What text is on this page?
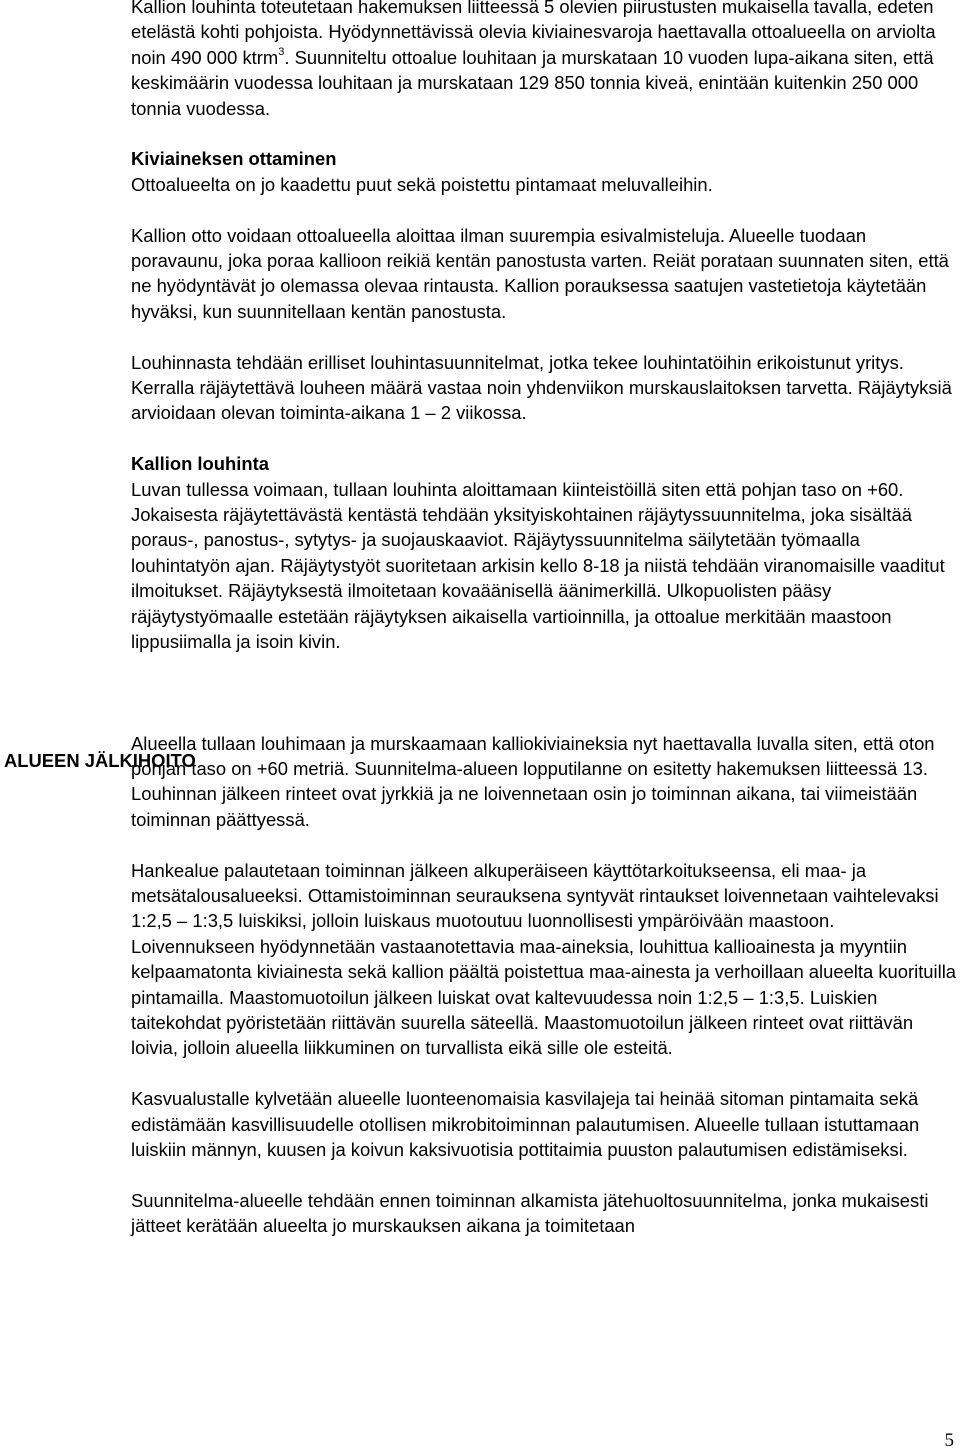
ALUEEN JÄLKIHOITO

Kallion louhinta toteutetaan hakemuksen liitteessä 5 olevien piirustusten mukaisella tavalla, edeten etelästä kohti pohjoista. Hyödynnettävissä olevia kiviainesvaroja haettavalla ottoalueella on arviolta noin 490 000 ktrm$^3$. Suunniteltu ottoalue louhitaan ja murskataan 10 vuoden lupa-aikana siten, että keskimäärin vuodessa louhitaan ja murskataan 129 850 tonnia kiveä, enintään kuitenkin 250 000 tonnia vuodessa.

Kiviaineksen ottaminen

Ottoalueelta on jo kaadettu puut sekä poistettu pintamaat meluvalleihin.

Kallion otto voidaan ottoalueella aloittaa ilman suurempia esivalmisteluja. Alueelle tuodaan poravaunu, joka poraa kallioon reikiä kentän panostusta varten. Reiät porataan suunnaten siten, että ne hyödyntävät jo olemassa olevaa rintausta. Kallion porauksessa saatujen vastetietoja käytetään hyväksi, kun suunnitellaan kentän panostusta.

Louhinnasta tehdään erilliset louhintasuunnitelmat, jotka tekee louhintatöihin erikoistunut yritys. Kerralla räjäytettävä louheen määrä vastaa noin yhdenviikon murskauslaitoksen tarvetta. Räjäytyksiä arvioidaan olevan toiminta-aikana 1 – 2 viikossa.

Kallion louhinta

Luvan tullessa voimaan, tullaan louhinta aloittamaan kiinteistöillä siten että pohjan taso on +60. Jokaisesta räjäytettävästä kentästä tehdään yksityiskohtainen räjäytyssuunnitelma, joka sisältää poraus-, panostus-, sytytys- ja suojauskaaviot. Räjäytyssuunnitelma säilytetään työmaalla louhintatyön ajan. Räjäytystyöt suoritetaan arkisin kello 8-18 ja niistä tehdään viranomaisille vaaditut ilmoitukset. Räjäytyksestä ilmoitetaan kovaäänisellä äänimerkillä. Ulkopuolisten pääsy räjäytystyömaalle estetään räjäytyksen aikaisella vartioinnilla, ja ottoalue merkitään maastoon lippusiimalla ja isoin kivin.

Alueella tullaan louhimaan ja murskaamaan kalliokiviaineksia nyt haettavalla luvalla siten, että oton pohjan taso on +60 metriä. Suunnitelma-alueen lopputilanne on esitetty hakemuksen liitteessä 13. Louhinnan jälkeen rinteet ovat jyrkkiä ja ne loivennetaan osin jo toiminnan aikana, tai viimeistään toiminnan päättyessä.

Hankealue palautetaan toiminnan jälkeen alkuperäiseen käyttötarkoitukseensa, eli maa- ja metsätalousalueeksi. Ottamistoiminnan seurauksena syntyvät rintaukset loivennetaan vaihtelevaksi 1:2,5 – 1:3,5 luiskiksi, jolloin luiskaus muotoutuu luonnollisesti ympäröivään maastoon. Loivennukseen hyödynnetään vastaanotettavia maa-aineksia, louhittua kallioainesta ja myyntiin kelpaamatonta kiviainesta sekä kallion päältä poistettua maa-ainesta ja verhoillaan alueelta kuorituilla pintamailla. Maastomuotoilun jälkeen luiskat ovat kaltevuudessa noin 1:2,5 – 1:3,5. Luiskien taitekohdat pyöristetään riittävän suurella säteellä. Maastomuotoilun jälkeen rinteet ovat riittävän loivia, jolloin alueella liikkuminen on turvallista eikä sille ole esteitä.

Kasvualustalle kylvetään alueelle luonteenomaisia kasvilajeja tai heinää sitoman pintamaita sekä edistämään kasvillisuudelle otollisen mikrobitoiminnan palautumisen. Alueelle tullaan istuttamaan luiskiin männyn, kuusen ja koivun kaksivuotisia pottitaimia puuston palautumisen edistämiseksi.

Suunnitelma-alueelle tehdään ennen toiminnan alkamista jätehuoltosuunnitelma, jonka mukaisesti jätteet kerätään alueelta jo murskauksen aikana ja toimitetaan

5
